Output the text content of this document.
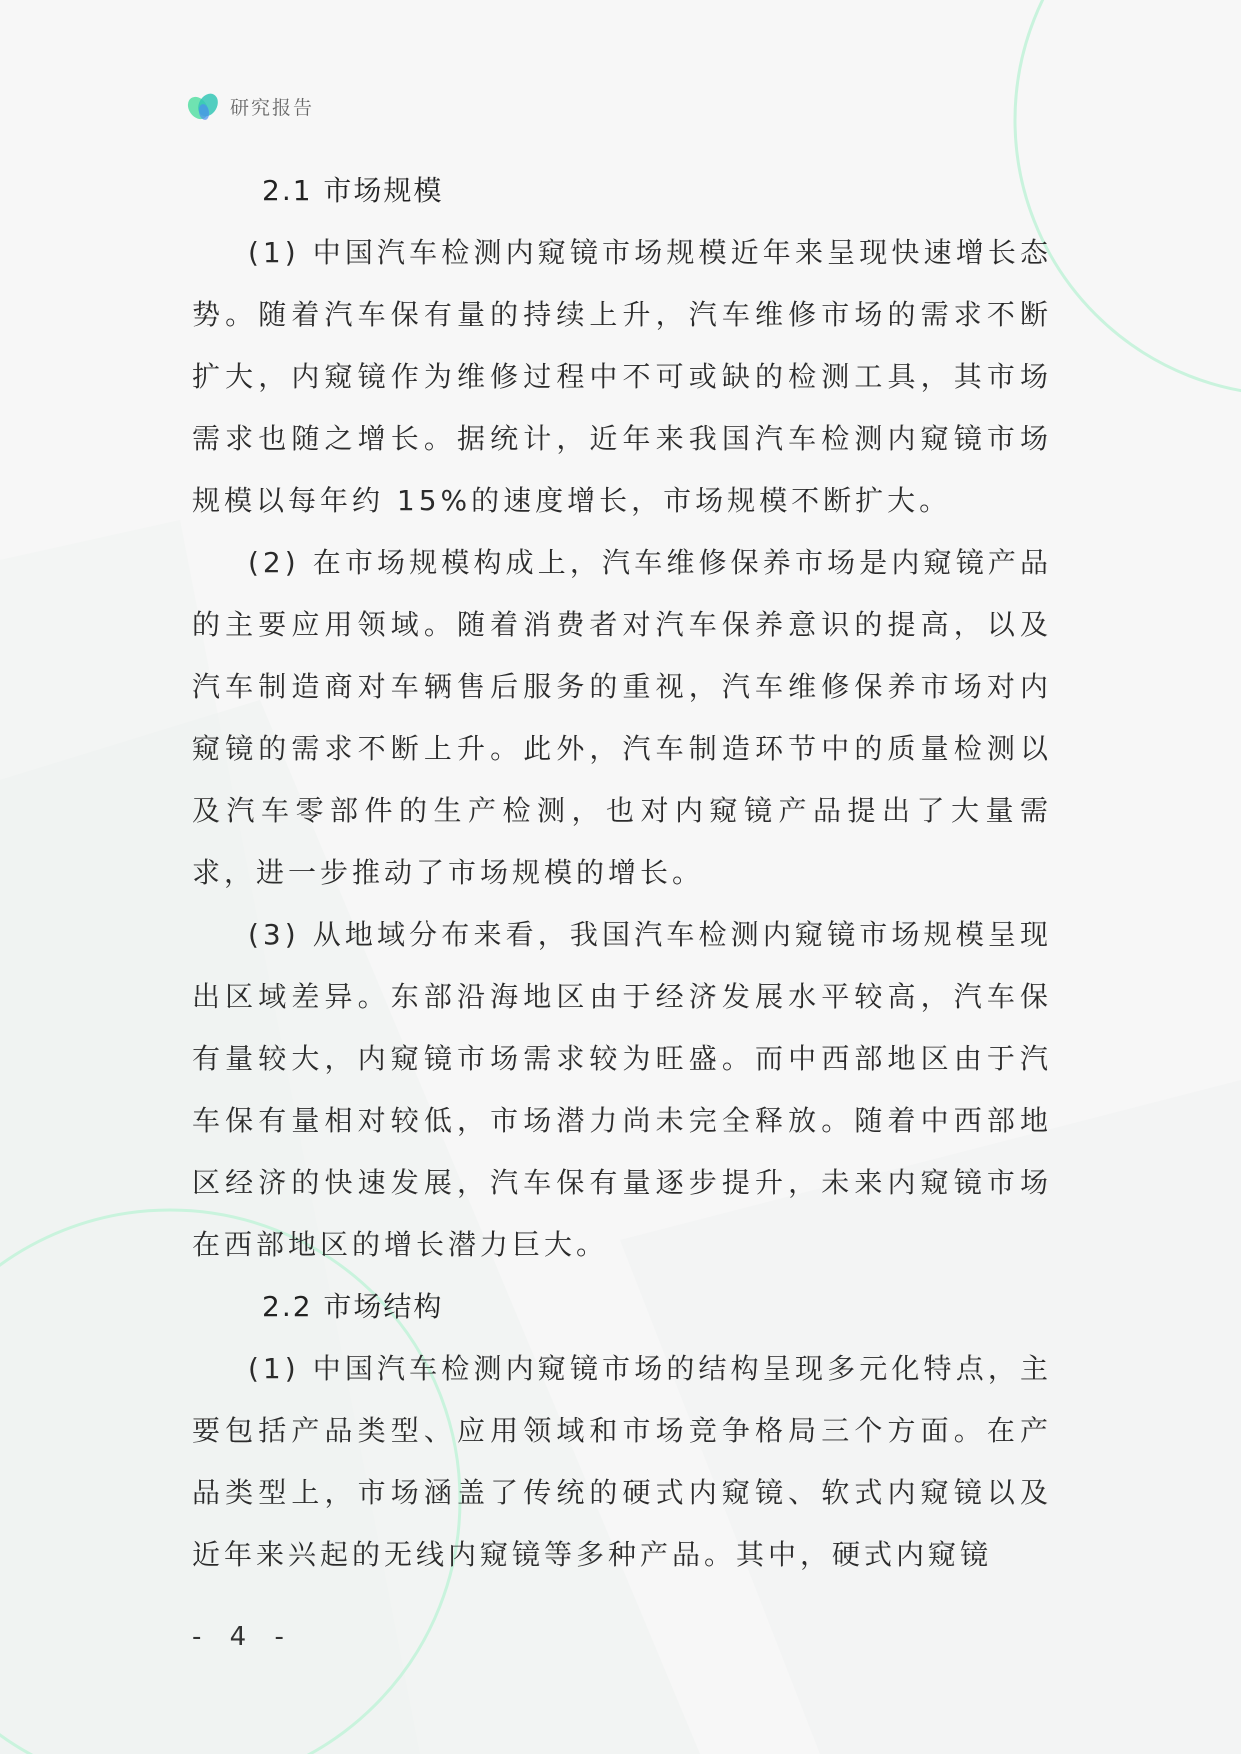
研究报告
2.1 市场规模

(1) 中国汽车检测内窥镜市场规模近年来呈现快速增长态势。随着汽车保有量的持续上升，汽车维修市场的需求不断扩大，内窥镜作为维修过程中不可或缺的检测工具，其市场需求也随之增长。据统计，近年来我国汽车检测内窥镜市场规模以每年约 15%的速度增长，市场规模不断扩大。

(2) 在市场规模构成上，汽车维修保养市场是内窥镜产品的主要应用领域。随着消费者对汽车保养意识的提高，以及汽车制造商对车辆售后服务的重视，汽车维修保养市场对内窥镜的需求不断上升。此外，汽车制造环节中的质量检测以及汽车零部件的生产检测，也对内窥镜产品提出了大量需求，进一步推动了市场规模的增长。

(3) 从地域分布来看，我国汽车检测内窥镜市场规模呈现出区域差异。东部沿海地区由于经济发展水平较高，汽车保有量较大，内窥镜市场需求较为旺盛。而中西部地区由于汽车保有量相对较低，市场潜力尚未完全释放。随着中西部地区经济的快速发展，汽车保有量逐步提升，未来内窥镜市场在西部地区的增长潜力巨大。

2.2 市场结构

(1) 中国汽车检测内窥镜市场的结构呈现多元化特点，主要包括产品类型、应用领域和市场竞争格局三个方面。在产品类型上，市场涵盖了传统的硬式内窥镜、软式内窥镜以及近年来兴起的无线内窥镜等多种产品。其中，硬式内窥镜

- 4 -
